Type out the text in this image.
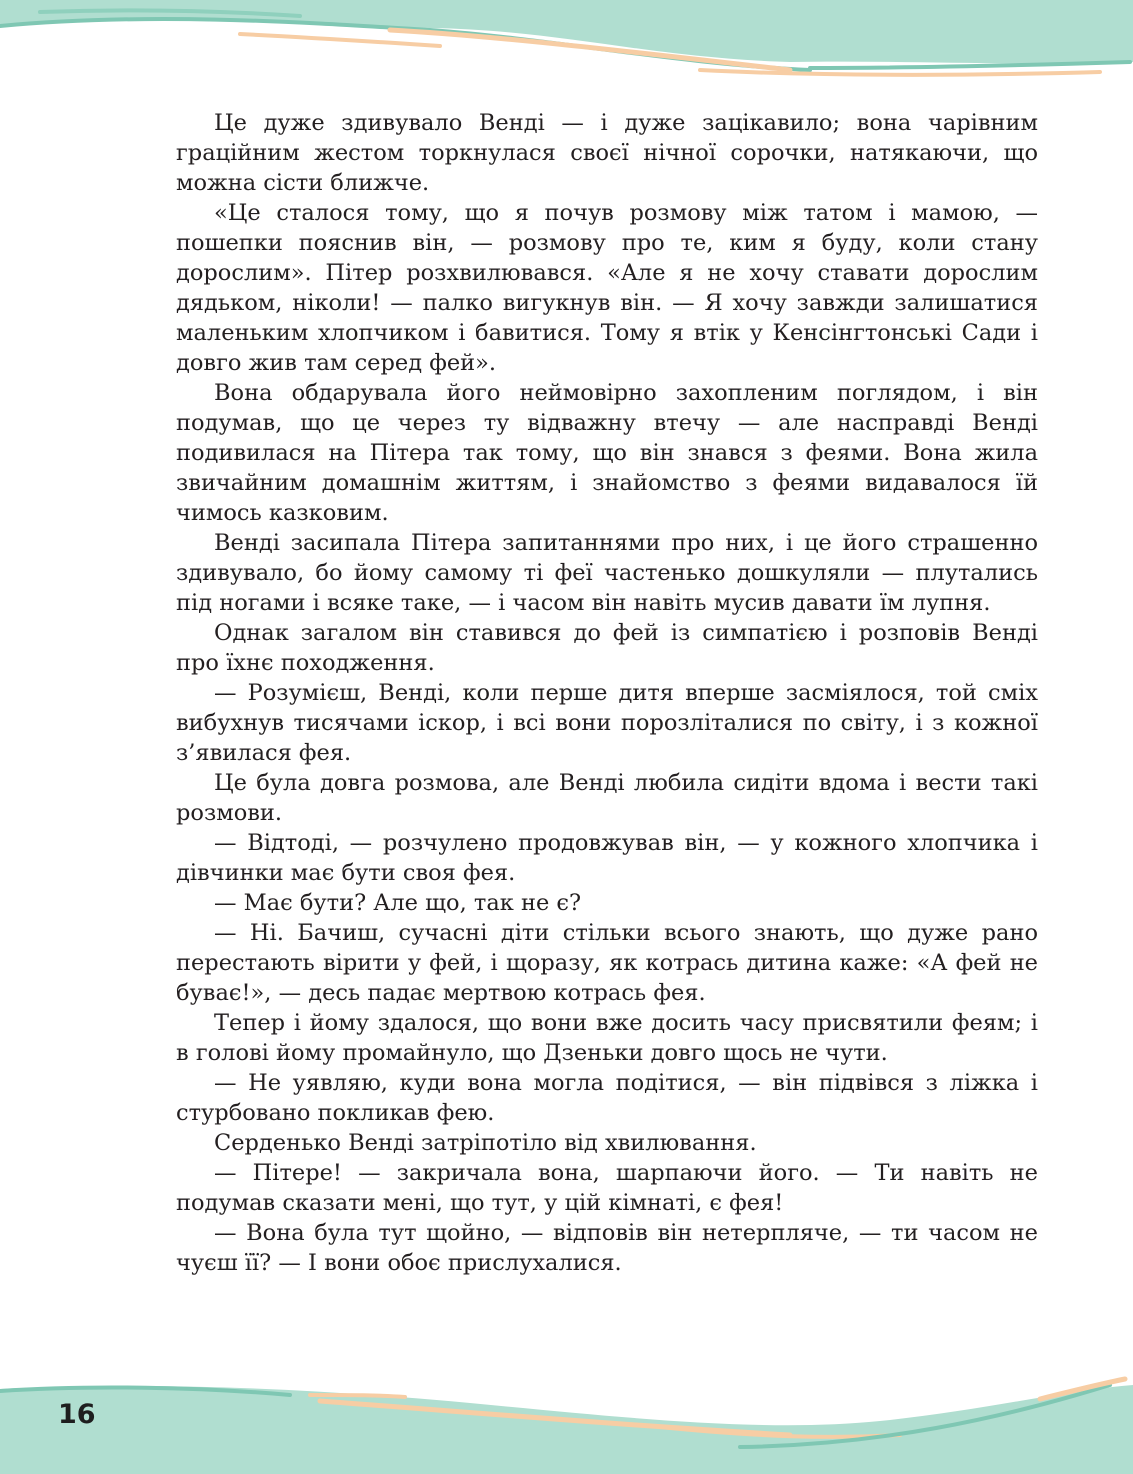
Це дуже здивувало Венді — і дуже зацікавило; вона чарівним граційним жестом торкнулася своєї нічної сорочки, натякаючи, що можна сісти ближче.

«Це сталося тому, що я почув розмову між татом і мамою, — пошепки пояснив він, — розмову про те, ким я буду, коли стану дорослим». Пітер розхвилювався. «Але я не хочу ставати дорослим дядьком, ніколи! — палко вигукнув він. — Я хочу завжди залишатися маленьким хлопчиком і бавитися. Тому я втік у Кенсінгтонські Сади і довго жив там серед фей».

Вона обдарувала його неймовірно захопленим поглядом, і він подумав, що це через ту відважну втечу — але насправді Венді подивилася на Пітера так тому, що він знався з феями. Вона жила звичайним домашнім життям, і знайомство з феями видавалося їй чимось казковим.

Венді засипала Пітера запитаннями про них, і це його страшенно здивувало, бо йому самому ті феї частенько дошкуляли — плутались під ногами і всяке таке, — і часом він навіть мусив давати їм лупня.

Однак загалом він ставився до фей із симпатією і розповів Венді про їхнє походження.

— Розумієш, Венді, коли перше дитя вперше засміялося, той сміх вибухнув тисячами іскор, і всі вони порозліталися по світу, і з кожної з’явилася фея.

Це була довга розмова, але Венді любила сидіти вдома і вести такі розмови.

— Відтоді, — розчулено продовжував він, — у кожного хлопчика і дівчинки має бути своя фея.

— Має бути? Але що, так не є?

— Ні. Бачиш, сучасні діти стільки всього знають, що дуже рано перестають вірити у фей, і щоразу, як котрась дитина каже: «А фей не буває!», — десь падає мертвою котрась фея.

Тепер і йому здалося, що вони вже досить часу присвятили феям; і в голові йому промайнуло, що Дзеньки довго щось не чути.

— Не уявляю, куди вона могла подітися, — він підвівся з ліжка і стурбовано покликав фею.

Серденько Венді затріпотіло від хвилювання.

— Пітере! — закричала вона, шарпаючи його. — Ти навіть не подумав сказати мені, що тут, у цій кімнаті, є фея!

— Вона була тут щойно, — відповів він нетерпляче, — ти часом не чуєш її? — І вони обоє прислухалися.

16
